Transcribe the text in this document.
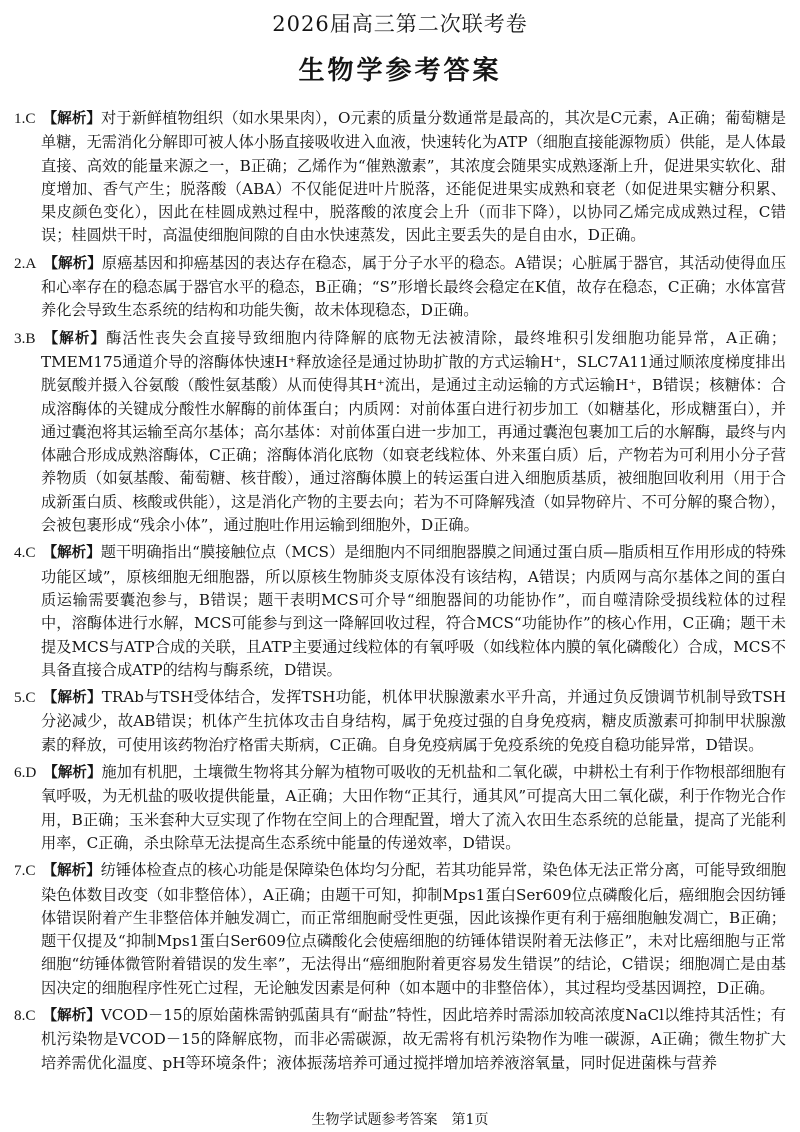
2026届高三第二次联考卷
生物学参考答案

1.C 【解析】对于新鲜植物组织（如水果果肉），O元素的质量分数通常是最高的，其次是C元素，A正确；葡萄糖是单糖，无需消化分解即可被人体小肠直接吸收进入血液，快速转化为ATP（细胞直接能源物质）供能，是人体最直接、高效的能量来源之一，B正确；乙烯作为“催熟激素”，其浓度会随果实成熟逐渐上升，促进果实软化、甜度增加、香气产生；脱落酸（ABA）不仅能促进叶片脱落，还能促进果实成熟和衰老（如促进果实糖分积累、果皮颜色变化），因此在桂圆成熟过程中，脱落酸的浓度会上升（而非下降），以协同乙烯完成成熟过程，C错误；桂圆烘干时，高温使细胞间隙的自由水快速蒸发，因此主要丢失的是自由水，D正确。

2.A 【解析】原癌基因和抑癌基因的表达存在稳态，属于分子水平的稳态。A错误；心脏属于器官，其活动使得血压和心率存在的稳态属于器官水平的稳态，B正确；“S”形增长最终会稳定在K值，故存在稳态，C正确；水体富营养化会导致生态系统的结构和功能失衡，故未体现稳态，D正确。

3.B 【解析】酶活性丧失会直接导致细胞内待降解的底物无法被清除，最终堆积引发细胞功能异常，A正确；TMEM175通道介导的溶酶体快速H⁺释放途径是通过协助扩散的方式运输H⁺，SLC7A11通过顺浓度梯度排出胱氨酸并摄入谷氨酸（酸性氨基酸）从而使得其H⁺流出，是通过主动运输的方式运输H⁺，B错误；核糖体：合成溶酶体的关键成分酸性水解酶的前体蛋白；内质网：对前体蛋白进行初步加工（如糖基化，形成糖蛋白），并通过囊泡将其运输至高尔基体；高尔基体：对前体蛋白进一步加工，再通过囊泡包裹加工后的水解酶，最终与内体融合形成成熟溶酶体，C正确；溶酶体消化底物（如衰老线粒体、外来蛋白质）后，产物若为可利用小分子营养物质（如氨基酸、葡萄糖、核苷酸），通过溶酶体膜上的转运蛋白进入细胞质基质，被细胞回收利用（用于合成新蛋白质、核酸或供能），这是消化产物的主要去向；若为不可降解残渣（如异物碎片、不可分解的聚合物），会被包裹形成“残余小体”，通过胞吐作用运输到细胞外，D正确。

4.C 【解析】题干明确指出“膜接触位点（MCS）是细胞内不同细胞器膜之间通过蛋白质—脂质相互作用形成的特殊功能区域”，原核细胞无细胞器，所以原核生物肺炎支原体没有该结构，A错误；内质网与高尔基体之间的蛋白质运输需要囊泡参与，B错误；题干表明MCS可介导“细胞器间的功能协作”，而自噬清除受损线粒体的过程中，溶酶体进行水解，MCS可能参与到这一降解回收过程，符合MCS“功能协作”的核心作用，C正确；题干未提及MCS与ATP合成的关联，且ATP主要通过线粒体的有氧呼吸（如线粒体内膜的氧化磷酸化）合成，MCS不具备直接合成ATP的结构与酶系统，D错误。

5.C 【解析】TRAb与TSH受体结合，发挥TSH功能，机体甲状腺激素水平升高，并通过负反馈调节机制导致TSH分泌减少，故AB错误；机体产生抗体攻击自身结构，属于免疫过强的自身免疫病，糖皮质激素可抑制甲状腺激素的释放，可使用该药物治疗格雷夫斯病，C正确。自身免疫病属于免疫系统的免疫自稳功能异常，D错误。

6.D 【解析】施加有机肥，土壤微生物将其分解为植物可吸收的无机盐和二氧化碳，中耕松土有利于作物根部细胞有氧呼吸，为无机盐的吸收提供能量，A正确；大田作物“正其行，通其风”可提高大田二氧化碳，利于作物光合作用，B正确；玉米套种大豆实现了作物在空间上的合理配置，增大了流入农田生态系统的总能量，提高了光能利用率，C正确，杀虫除草无法提高生态系统中能量的传递效率，D错误。

7.C 【解析】纺锤体检查点的核心功能是保障染色体均匀分配，若其功能异常，染色体无法正常分离，可能导致细胞染色体数目改变（如非整倍体），A正确；由题干可知，抑制Mps1蛋白Ser609位点磷酸化后，癌细胞会因纺锤体错误附着产生非整倍体并触发凋亡，而正常细胞耐受性更强，因此该操作更有利于癌细胞触发凋亡，B正确；题干仅提及“抑制Mps1蛋白Ser609位点磷酸化会使癌细胞的纺锤体错误附着无法修正”，未对比癌细胞与正常细胞“纺锤体微管附着错误的发生率”，无法得出“癌细胞附着更容易发生错误”的结论，C错误；细胞凋亡是由基因决定的细胞程序性死亡过程，无论触发因素是何种（如本题中的非整倍体），其过程均受基因调控，D正确。

8.C 【解析】VCOD－15的原始菌株需钠弧菌具有“耐盐”特性，因此培养时需添加较高浓度NaCl以维持其活性；有机污染物是VCOD－15的降解底物，而非必需碳源，故无需将有机污染物作为唯一碳源，A正确；微生物扩大培养需优化温度、pH等环境条件；液体振荡培养可通过搅拌增加培养液溶氧量，同时促进菌株与营养

生物学试题参考答案　第1页
